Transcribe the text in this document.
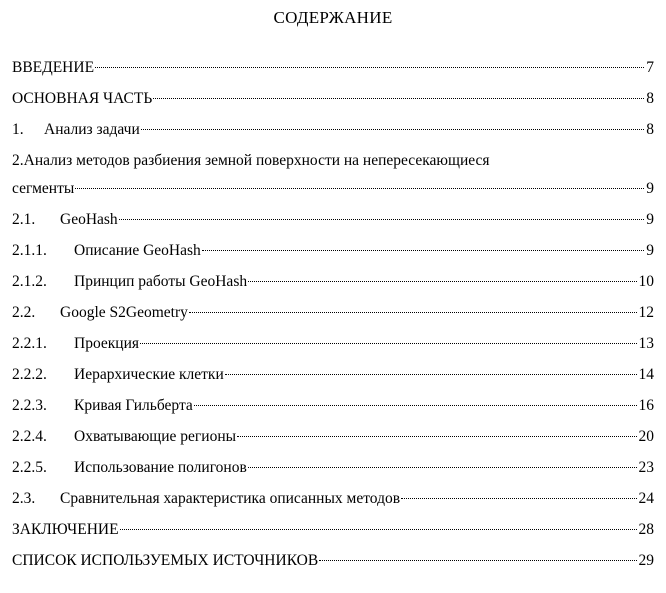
СОДЕРЖАНИЕ
ВВЕДЕНИЕ	7
ОСНОВНАЯ ЧАСТЬ	8
1. Анализ задачи	8
2.Анализ методов разбиения земной поверхности на непересекающиеся
сегменты	9
2.1. GeoHash	9
2.1.1. Описание GeoHash	9
2.1.2. Принцип работы GeoHash	10
2.2. Google S2Geometry	12
2.2.1. Проекция	13
2.2.2. Иерархические клетки	14
2.2.3. Кривая Гильберта	16
2.2.4. Охватывающие регионы	20
2.2.5. Использование полигонов	23
2.3. Сравнительная характеристика описанных методов	24
ЗАКЛЮЧЕНИЕ	28
СПИСОК ИСПОЛЬЗУЕМЫХ ИСТОЧНИКОВ	29
